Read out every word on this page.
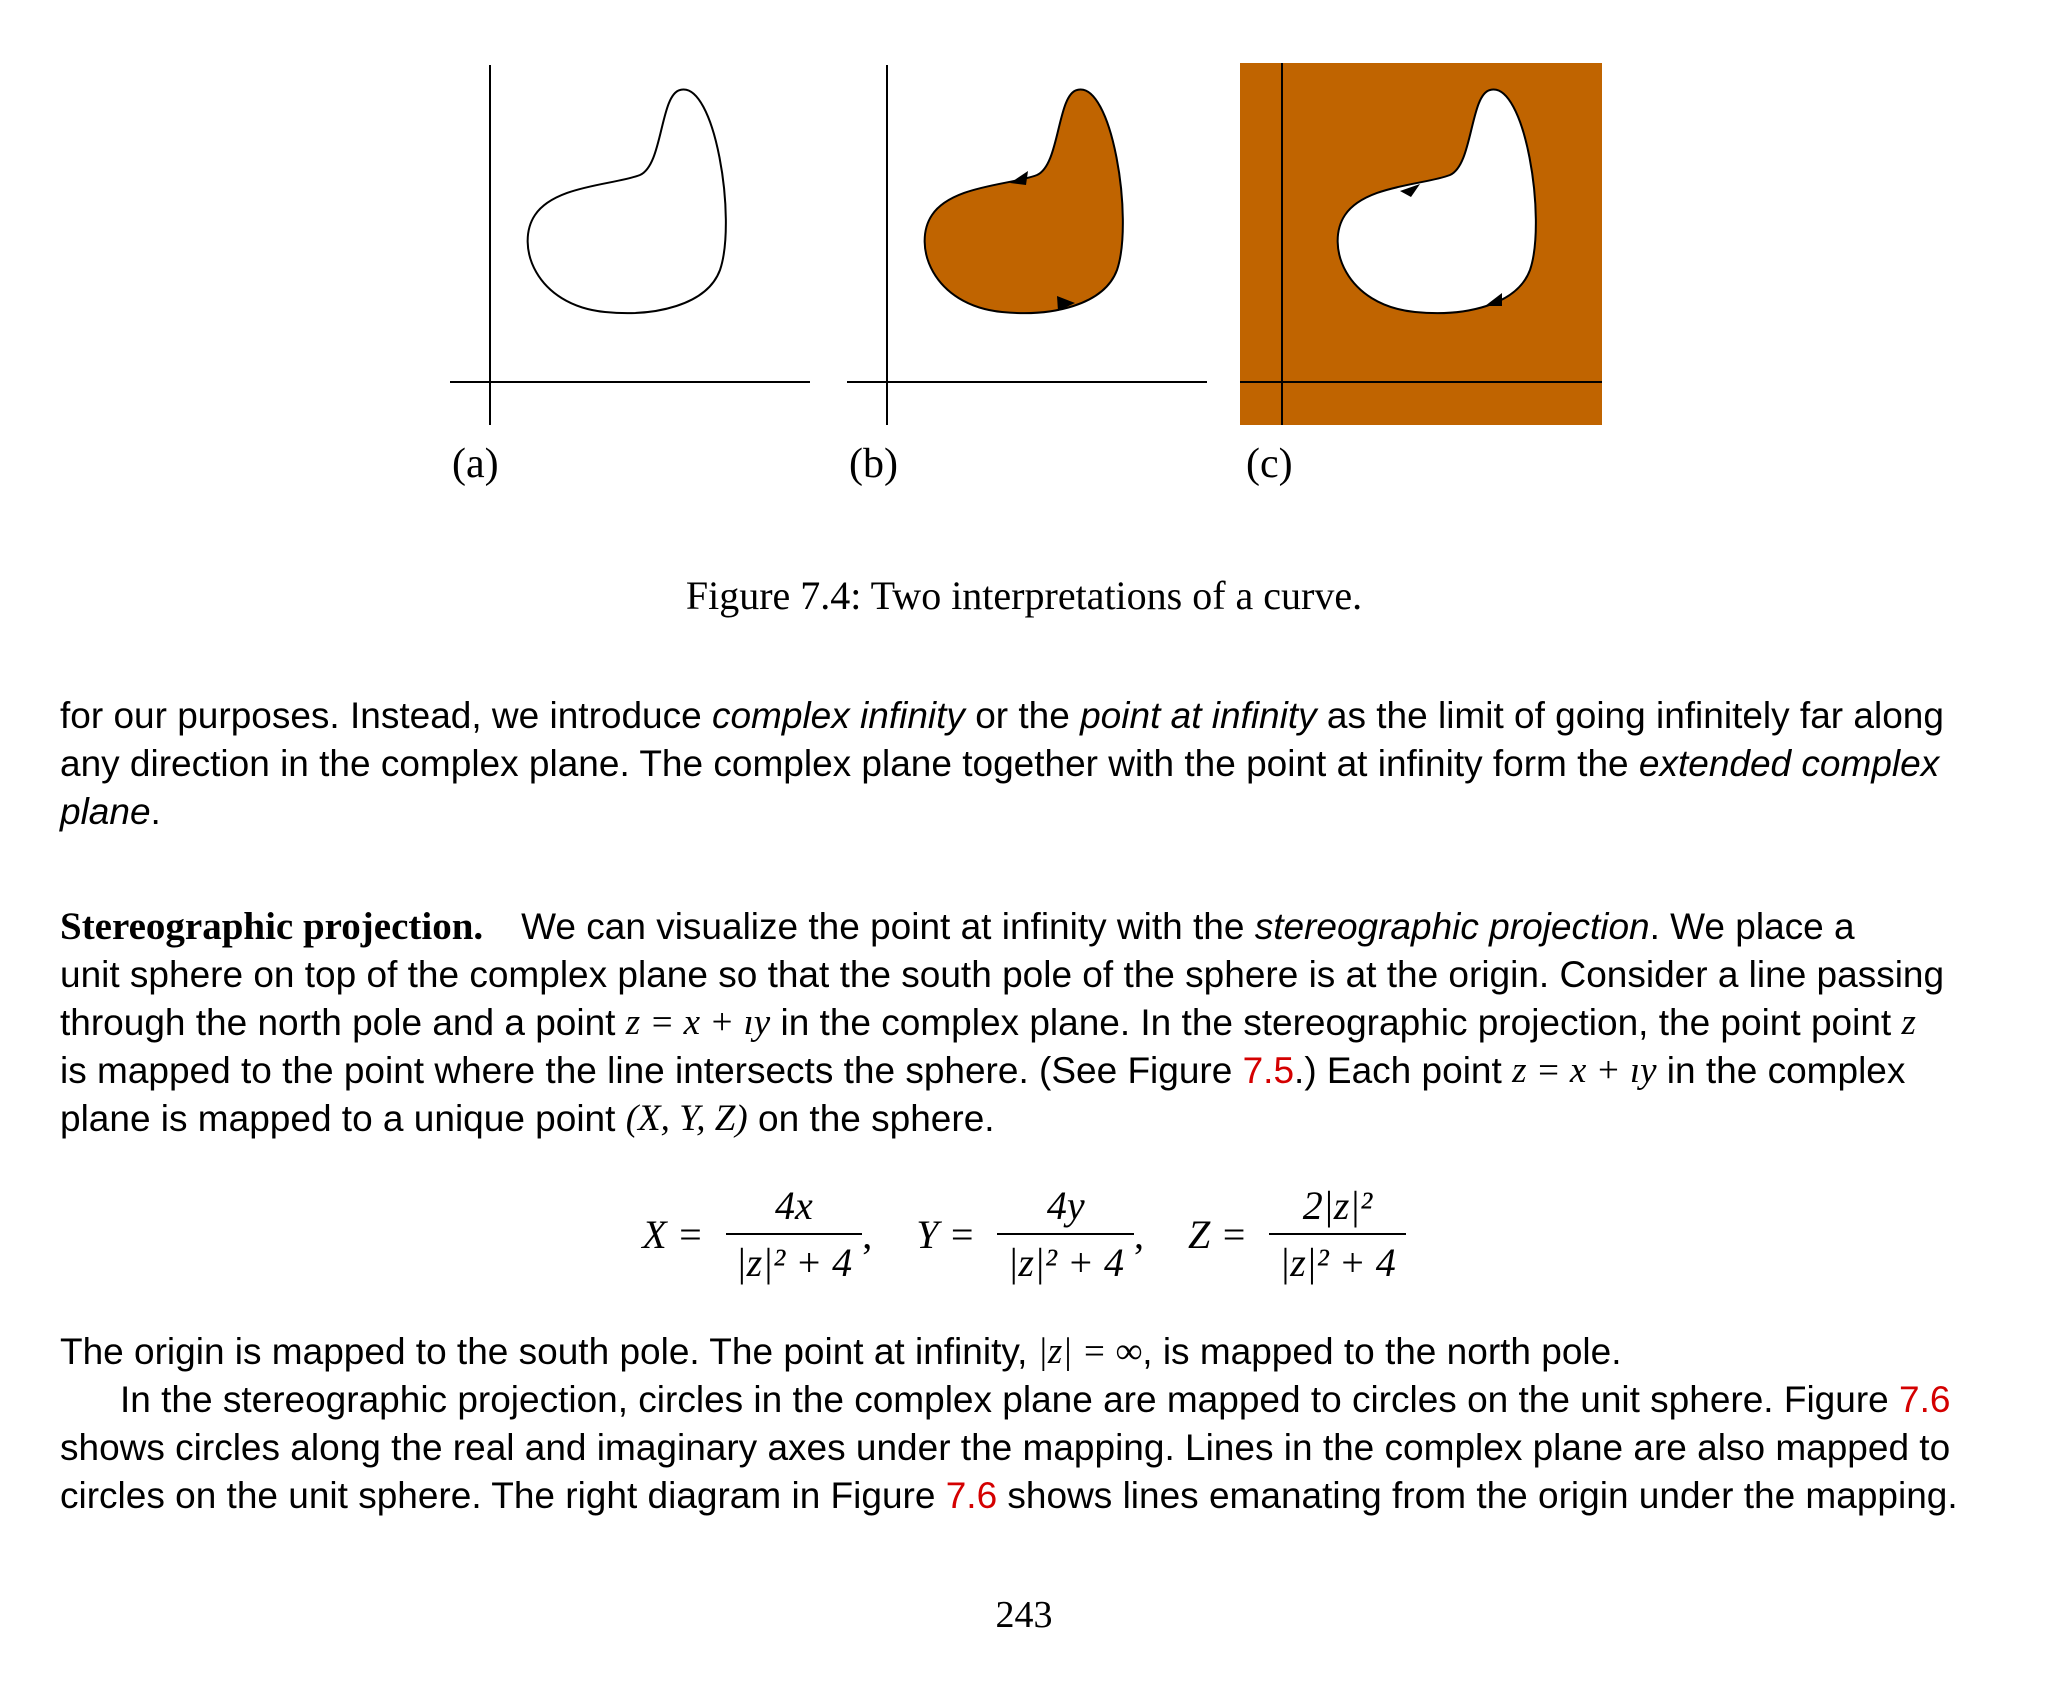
(a)	(b)	(c)
Figure 7.4: Two interpretations of a curve.
for our purposes. Instead, we introduce complex infinity or the point at infinity as the limit of going infinitely far along
any direction in the complex plane. The complex plane together with the point at infinity form the extended complex
plane.
Stereographic projection. We can visualize the point at infinity with the stereographic projection . We place a
unit sphere on top of the complex plane so that the south pole of the sphere is at the origin. Consider a line passing
through the north pole and a point z = x + ıy in the complex plane. In the stereographic projection, the point point z
is mapped to the point where the line intersects the sphere. (See Figure 7.5 .) Each point z = x + ıy in the complex
plane is mapped to a unique point (X, Y, Z) on the sphere.
$X = \frac{4x}{\text{|z|² + 4}}$ , $Y = \frac{4y}{\text{|z|² + 4}}$ , $Z = \frac{\text{2|z|²}}{\text{|z|² + 4}}$
The origin is mapped to the south pole. The point at infinity, |z| = ∞ , is mapped to the north pole.
In the stereographic projection, circles in the complex plane are mapped to circles on the unit sphere. Figure 7.6
shows circles along the real and imaginary axes under the mapping. Lines in the complex plane are also mapped to
circles on the unit sphere. The right diagram in Figure 7.6 shows lines emanating from the origin under the mapping.
243
